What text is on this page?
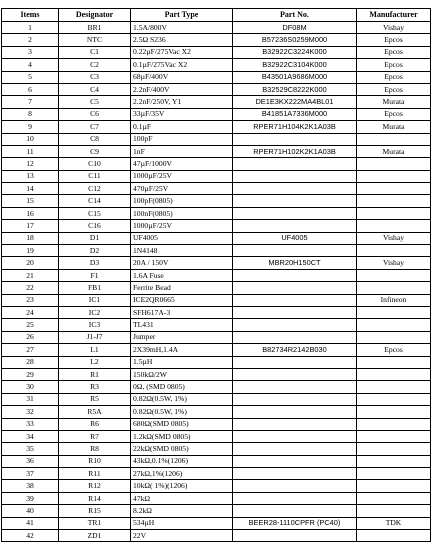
Items	Designator	Part Type	Part No.	Manufacturer
1	BR1	1.5A/800V	DF08M	Vishay
2	NTC	2.5Ω S236	B57236S0259M000	Epcos
3	C1	0.22µF/275Vac X2	B32922C3224K000	Epcos
4	C2	0.1µF/275Vac X2	B32922C3104K000	Epcos
5	C3	68µF/400V	B43501A9686M000	Epcos
6	C4	2.2nF/400V	B32529C8222K000	Epcos
7	C5	2.2nF/250V, Y1	DE1E3KX222MA4BL01	Murata
8	C6	33µF/35V	B41851A7336M000	Epcos
9	C7	0.1µF	RPER71H104K2K1A03B	Murata
10	C8	100pF		
11	C9	1nF	RPER71H102K2K1A03B	Murata
12	C10	47µF/1000V		
13	C11	1000µF/25V		
14	C12	470µF/25V		
15	C14	100pF(0805)		
16	C15	100nF(0805)		
17	C16	1000µF/25V		
18	D1	UF4005	UF4005	Vishay
19	D2	1N4148		
20	D3	20A / 150V	MBR20H150CT	Vishay
21	F1	1.6A Fuse		
22	FB1	Ferrite Bead		
23	IC1	ICE2QR0665		Infineon
24	IC2	SFH617A-3		
25	IC3	TL431		
26	J1-J7	Jumper		
27	L1	2X39mH,1.4A	B82734R2142B030	Epcos
28	L2	1.5µH		
29	R1	150kΩ/2W		
30	R3	0Ω, (SMD 0805)		
31	R5	0.82Ω(0.5W, 1%)		
32	R5A	0.82Ω(0.5W, 1%)		
33	R6	680Ω(SMD 0805)		
34	R7	1.2kΩ(SMD 0805)		
35	R8	22kΩ(SMD 0805)		
36	R10	43kΩ,0.1%(1206)		
37	R11	27kΩ,1%(1206)		
38	R12	10kΩ( 1%)(1206)		
39	R14	47kΩ		
40	R15	8.2kΩ		
41	TR1	534µH	BEER28-1110CPFR (PC40)	TDK
42	ZD1	22V		
